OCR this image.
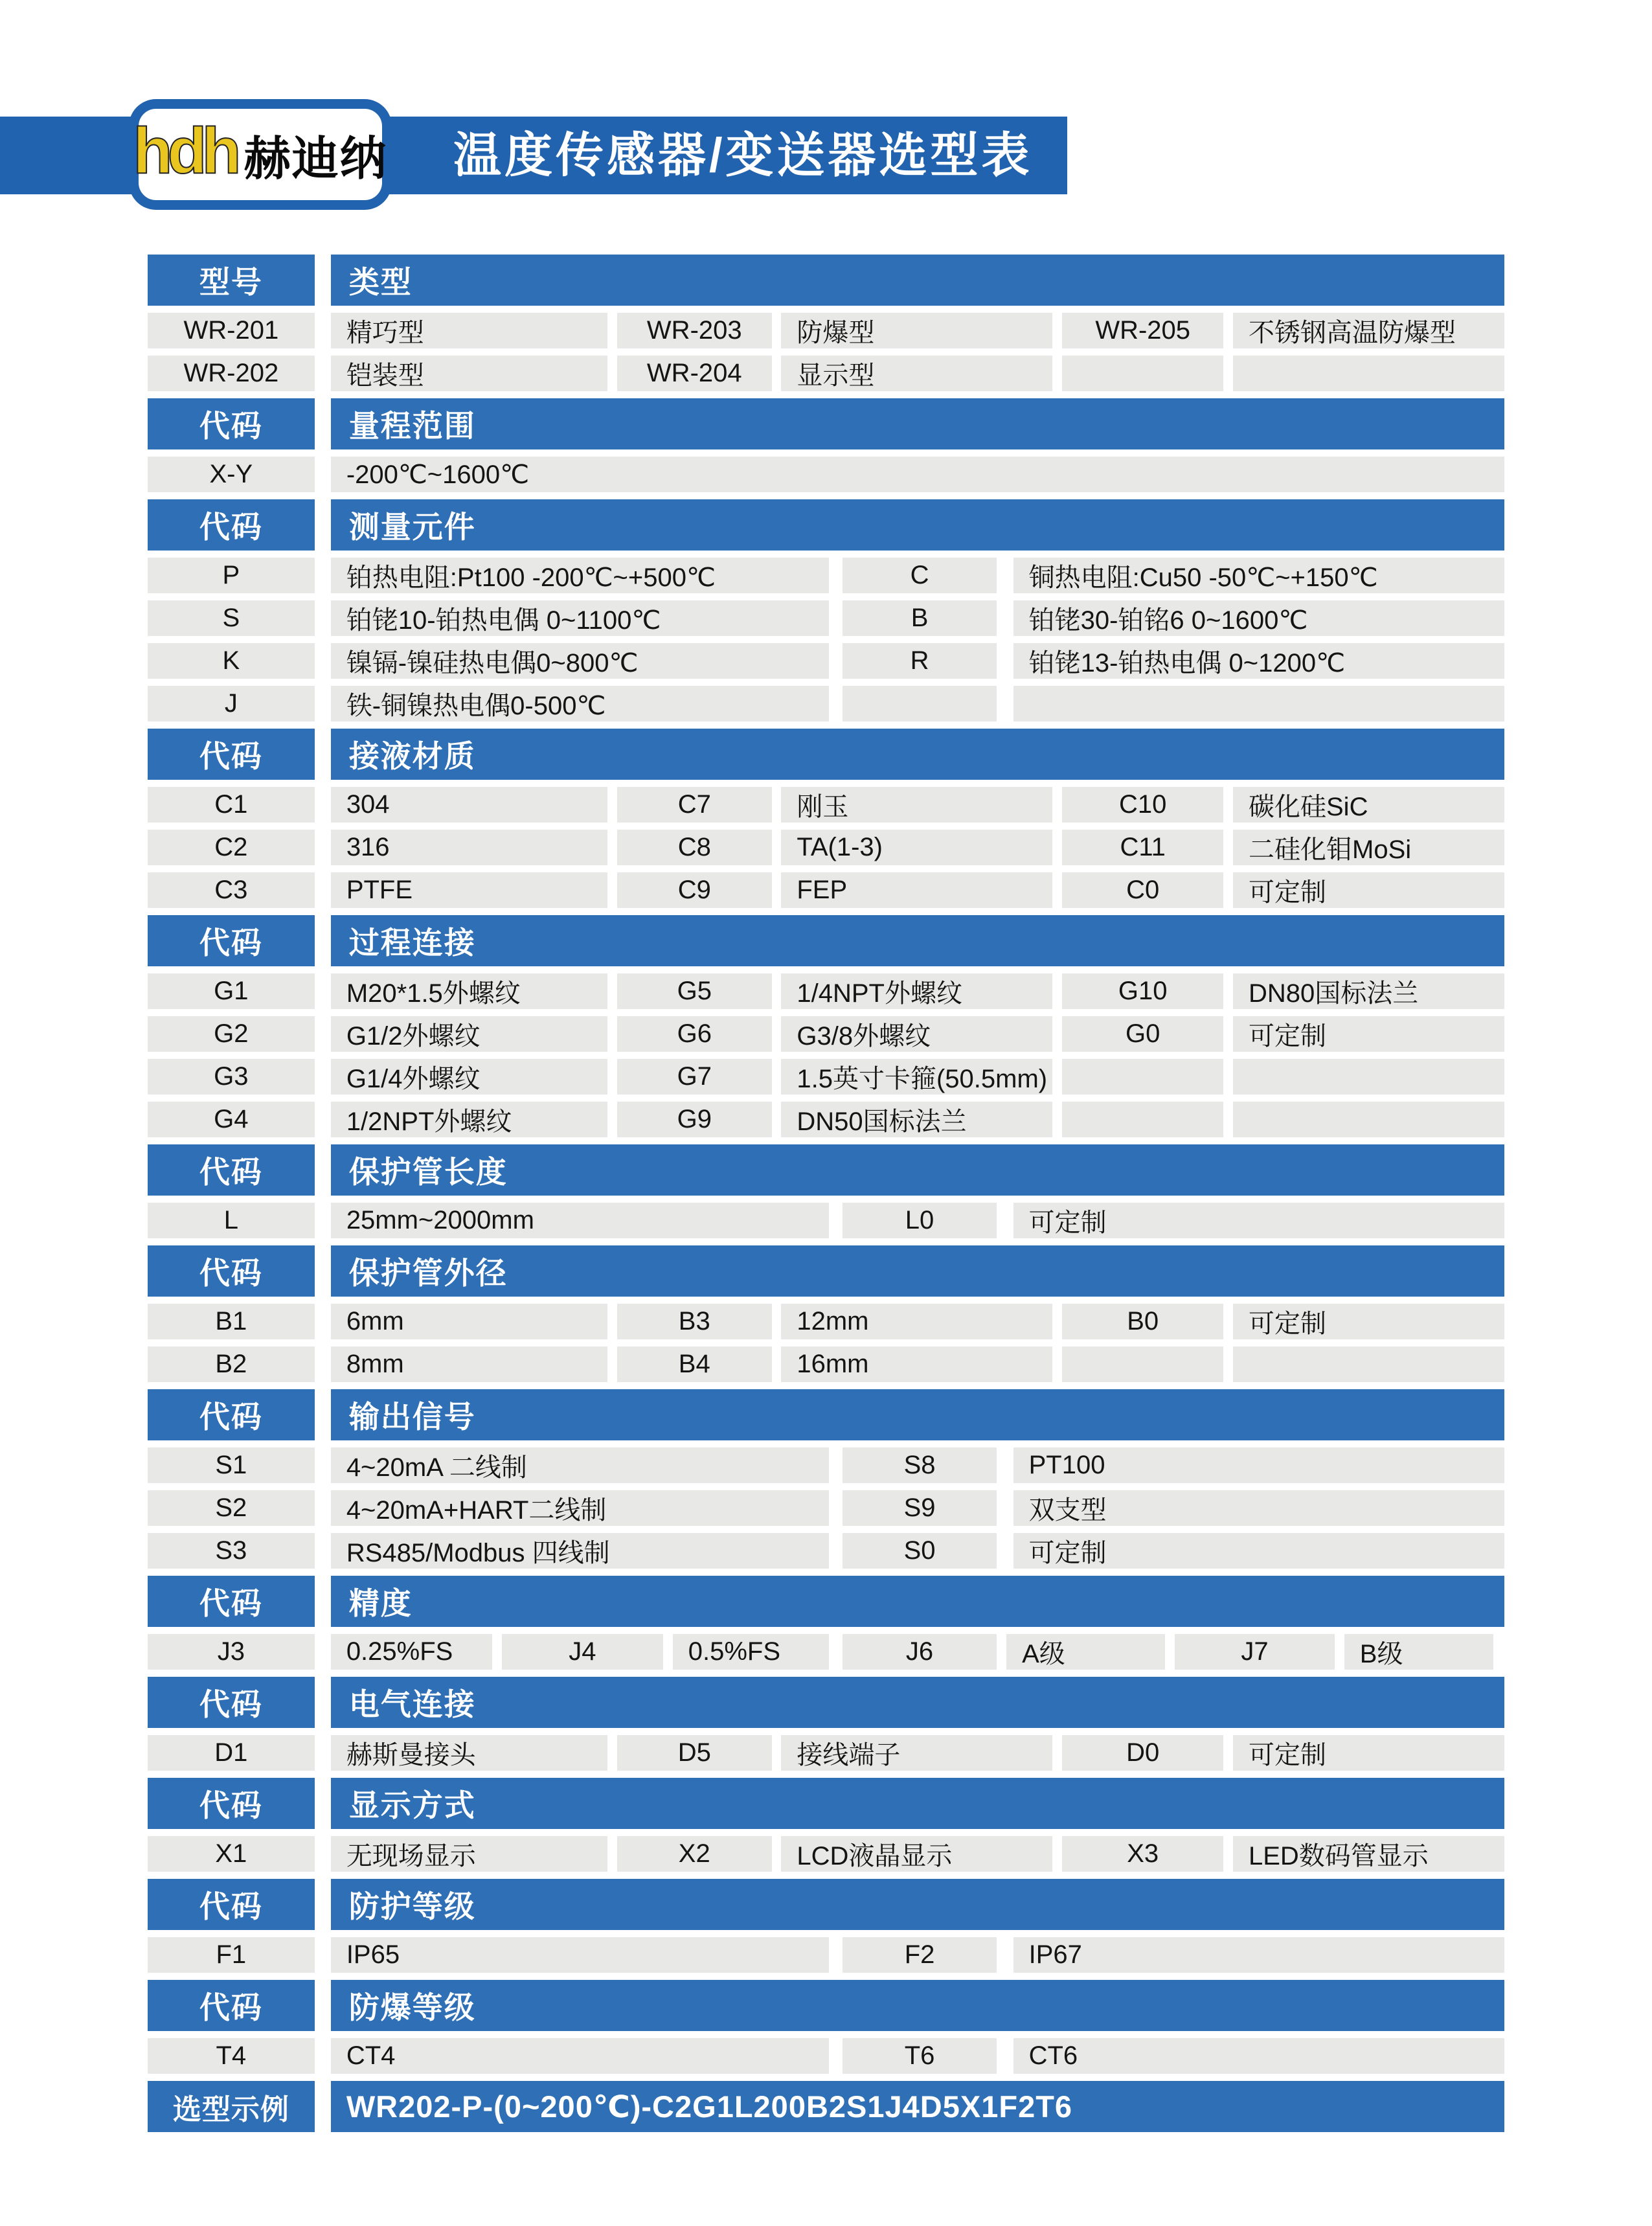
温度传感器/变送器选型表
hdh 赫迪纳
型号	类型
WR-201	精巧型	WR-203	防爆型	WR-205	不锈钢高温防爆型
WR-202	铠装型	WR-204	显示型
代码	量程范围
X-Y	-200℃~1600℃
代码	测量元件
P	铂热电阻:Pt100 -200℃~+500℃	C	铜热电阻:Cu50 -50℃~+150℃
S	铂铑10-铂热电偶 0~1100℃	B	铂铑30-铂铭6 0~1600℃
K	镍镉-镍硅热电偶0~800℃	R	铂铑13-铂热电偶 0~1200℃
J	铁-铜镍热电偶0-500℃
代码	接液材质
C1	304	C7	刚玉	C10	碳化硅SiC
C2	316	C8	TA(1-3)	C11	二硅化钼MoSi
C3	PTFE	C9	FEP	C0	可定制
代码	过程连接
G1	M20*1.5外螺纹	G5	1/4NPT外螺纹	G10	DN80国标法兰
G2	G1/2外螺纹	G6	G3/8外螺纹	G0	可定制
G3	G1/4外螺纹	G7	1.5英寸卡箍(50.5mm)
G4	1/2NPT外螺纹	G9	DN50国标法兰
代码	保护管长度
L	25mm~2000mm	L0	可定制
代码	保护管外径
B1	6mm	B3	12mm	B0	可定制
B2	8mm	B4	16mm
代码	输出信号
S1	4~20mA 二线制	S8	PT100
S2	4~20mA+HART二线制	S9	双支型
S3	RS485/Modbus 四线制	S0	可定制
代码	精度
J3	0.25%FS	J4	0.5%FS	J6	A级	J7	B级
代码	电气连接
D1	赫斯曼接头	D5	接线端子	D0	可定制
代码	显示方式
X1	无现场显示	X2	LCD液晶显示	X3	LED数码管显示
代码	防护等级
F1	IP65	F2	IP67
代码	防爆等级
T4	CT4	T6	CT6
选型示例	WR202-P-(0~200℃)-C2G1L200B2S1J4D5X1F2T6
